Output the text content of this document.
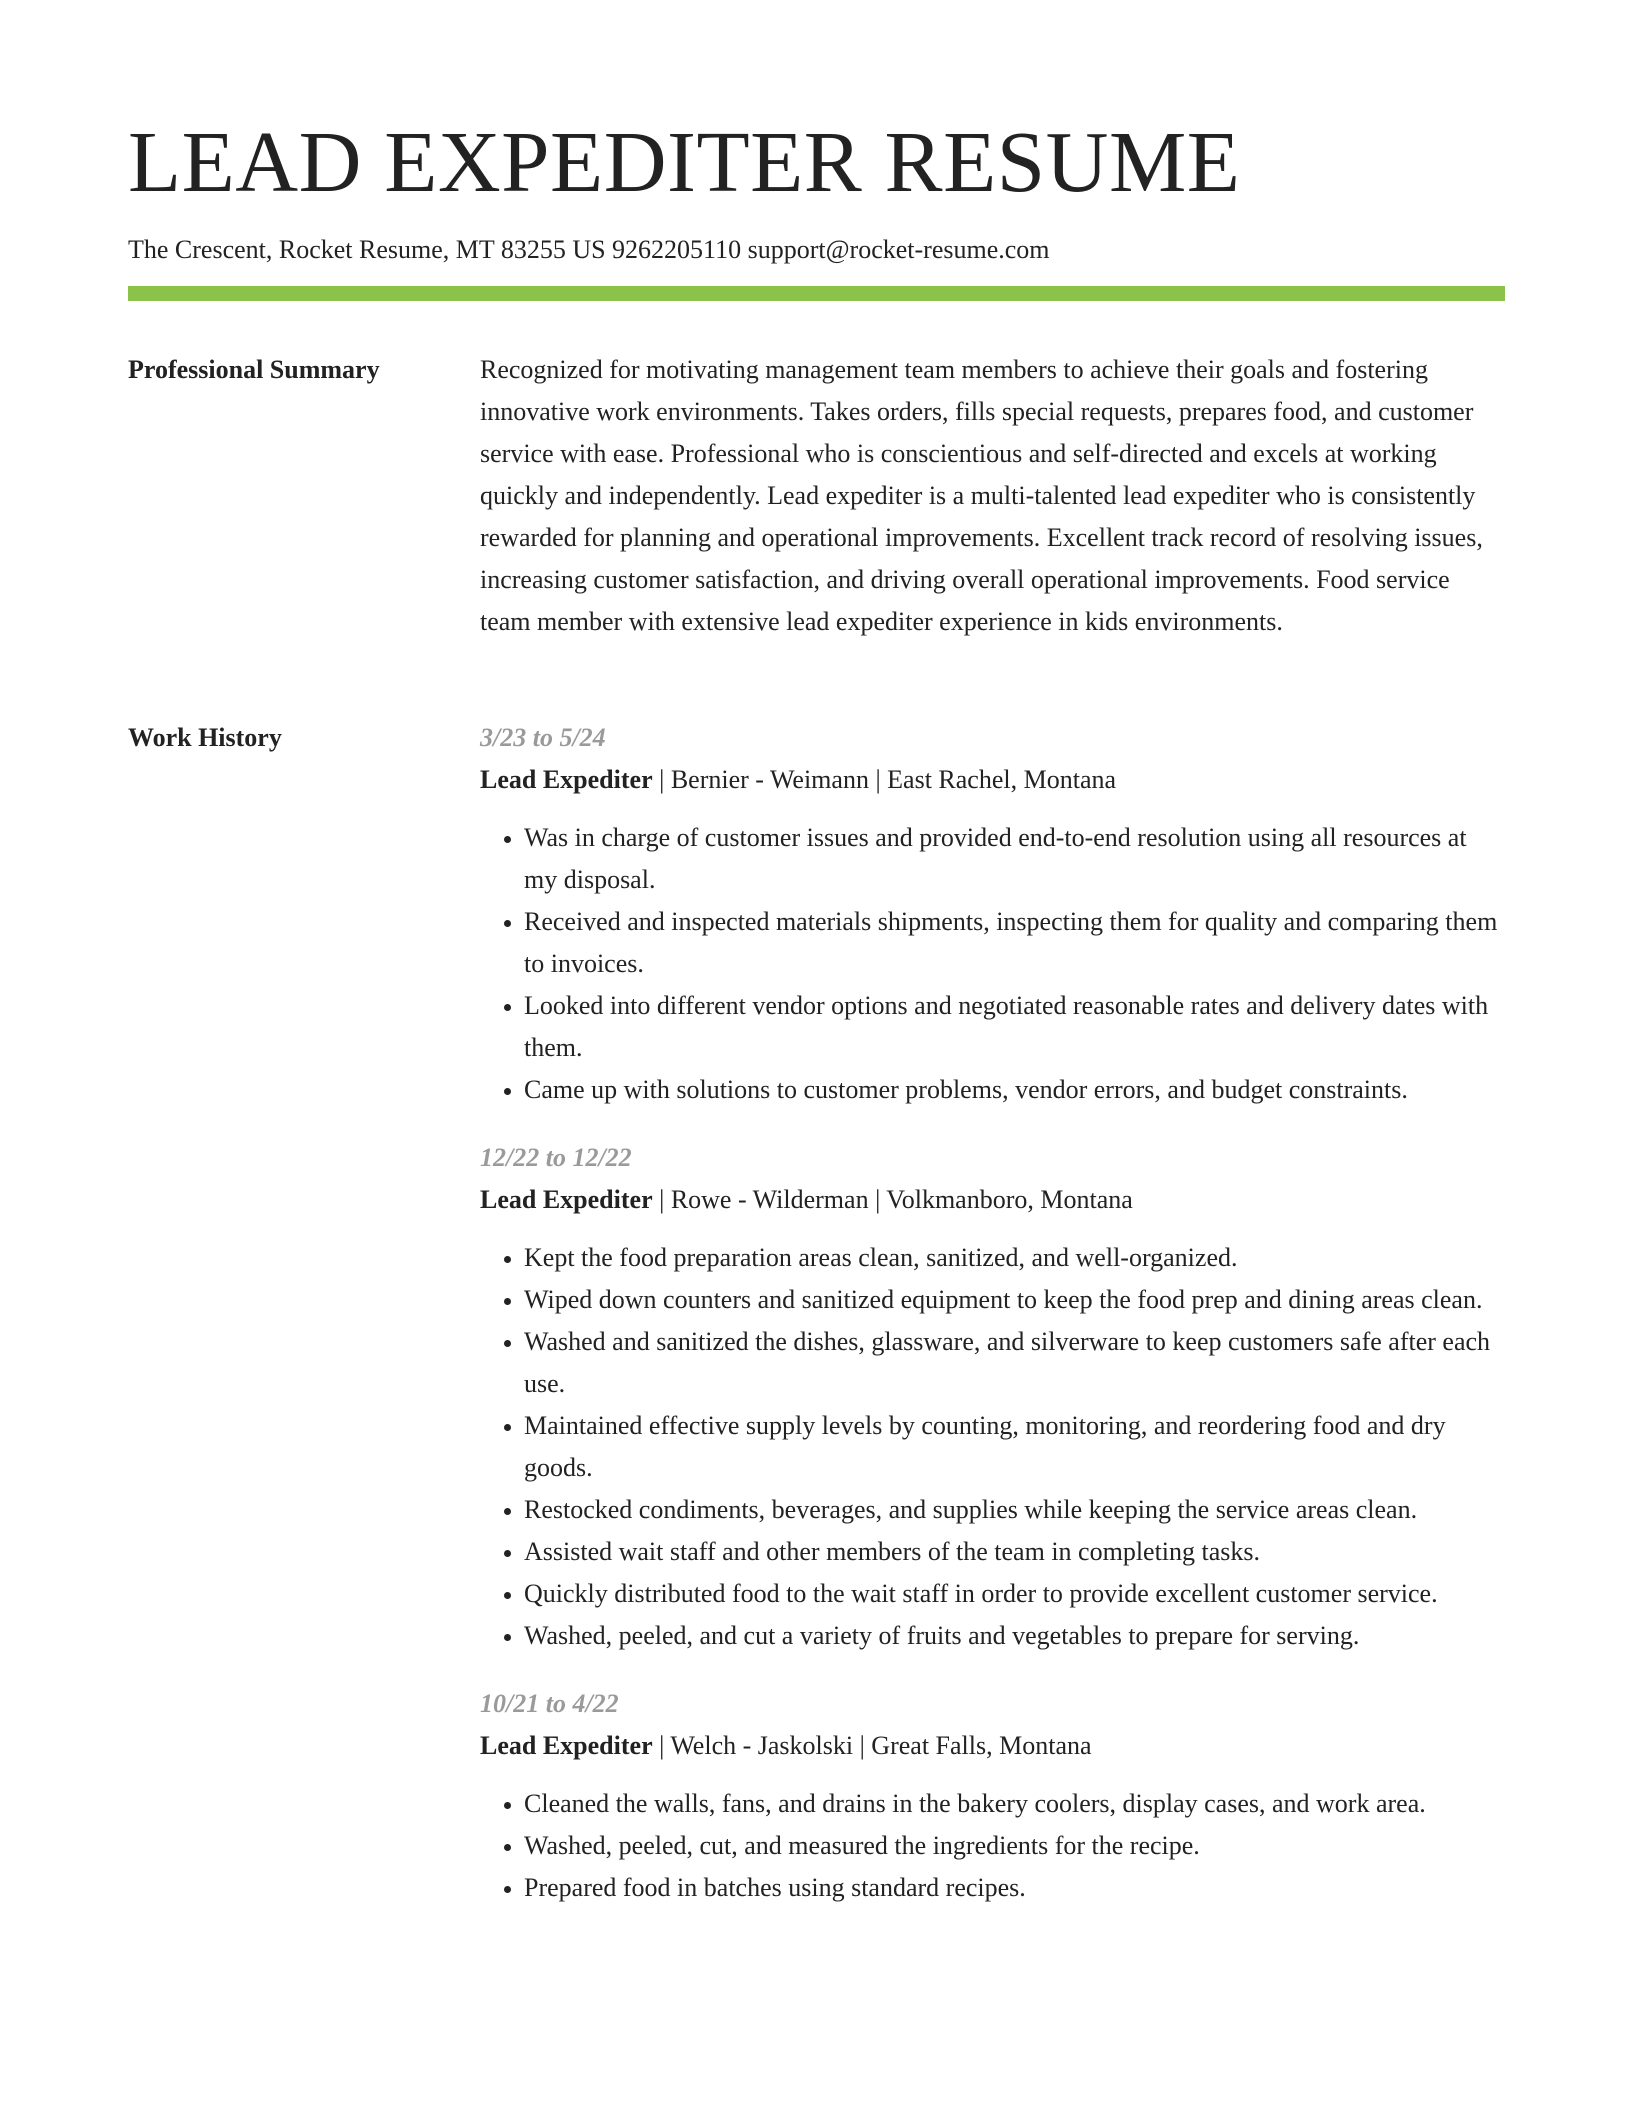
LEAD EXPEDITER RESUME
The Crescent, Rocket Resume, MT 83255 US 9262205110 support@rocket-resume.com
Professional Summary	Recognized for motivating management team members to achieve their goals and fostering innovative work environments. Takes orders, fills special requests, prepares food, and customer service with ease. Professional who is conscientious and self-directed and excels at working quickly and independently. Lead expediter is a multi-talented lead expediter who is consistently rewarded for planning and operational improvements. Excellent track record of resolving issues, increasing customer satisfaction, and driving overall operational improvements. Food service team member with extensive lead expediter experience in kids environments.

Work History	3/23 to 5/24
Lead Expediter | Bernier - Weimann | East Rachel, Montana
• Was in charge of customer issues and provided end-to-end resolution using all resources at my disposal.
• Received and inspected materials shipments, inspecting them for quality and comparing them to invoices.
• Looked into different vendor options and negotiated reasonable rates and delivery dates with them.
• Came up with solutions to customer problems, vendor errors, and budget constraints.
12/22 to 12/22
Lead Expediter | Rowe - Wilderman | Volkmanboro, Montana
• Kept the food preparation areas clean, sanitized, and well-organized.
• Wiped down counters and sanitized equipment to keep the food prep and dining areas clean.
• Washed and sanitized the dishes, glassware, and silverware to keep customers safe after each use.
• Maintained effective supply levels by counting, monitoring, and reordering food and dry goods.
• Restocked condiments, beverages, and supplies while keeping the service areas clean.
• Assisted wait staff and other members of the team in completing tasks.
• Quickly distributed food to the wait staff in order to provide excellent customer service.
• Washed, peeled, and cut a variety of fruits and vegetables to prepare for serving.
10/21 to 4/22
Lead Expediter | Welch - Jaskolski | Great Falls, Montana
• Cleaned the walls, fans, and drains in the bakery coolers, display cases, and work area.
• Washed, peeled, cut, and measured the ingredients for the recipe.
• Prepared food in batches using standard recipes.
